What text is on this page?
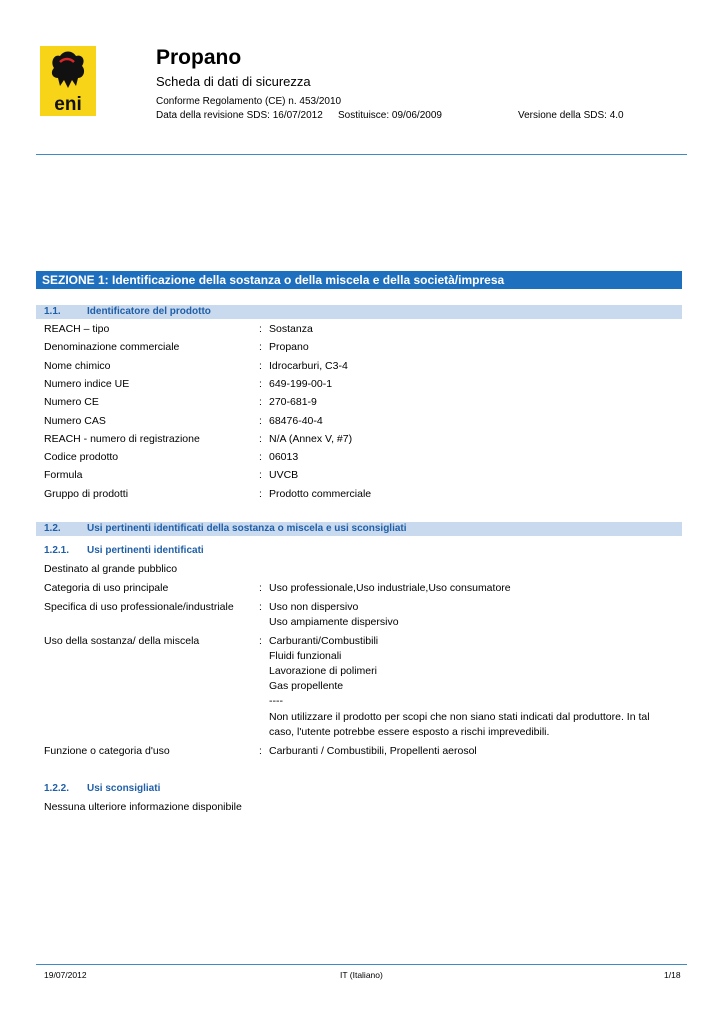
eni
Propano
Scheda di dati di sicurezza
Conforme Regolamento (CE) n. 453/2010
Data della revisione SDS: 16/07/2012 Sostituisce: 09/06/2009	Versione della SDS: 4.0
SEZIONE 1: Identificazione della sostanza o della miscela e della società/impresa
1.1.	Identificatore del prodotto
REACH – tipo	: Sostanza
Denominazione commerciale	: Propano
Nome chimico	: Idrocarburi, C3-4
Numero indice UE	: 649-199-00-1
Numero CE	: 270-681-9
Numero CAS	: 68476-40-4
REACH - numero di registrazione	: N/A (Annex V, #7)
Codice prodotto	: 06013
Formula	: UVCB
Gruppo di prodotti	: Prodotto commerciale
1.2.	Usi pertinenti identificati della sostanza o miscela e usi sconsigliati
1.2.1. Usi pertinenti identificati
Destinato al grande pubblico
Categoria di uso principale	: Uso professionale,Uso industriale,Uso consumatore
Specifica di uso professionale/industriale : Uso non dispersivo
Uso ampiamente dispersivo
Uso della sostanza/ della miscela	: Carburanti/Combustibili
Fluidi funzionali
Lavorazione di polimeri
Gas propellente
----
Non utilizzare il prodotto per scopi che non siano stati indicati dal produttore. In tal
caso, l'utente potrebbe essere esposto a rischi imprevedibili.
Funzione o categoria d'uso	: Carburanti / Combustibili, Propellenti aerosol
1.2.2. Usi sconsigliati
Nessuna ulteriore informazione disponibile
19/07/2012	IT (Italiano)	1/18
